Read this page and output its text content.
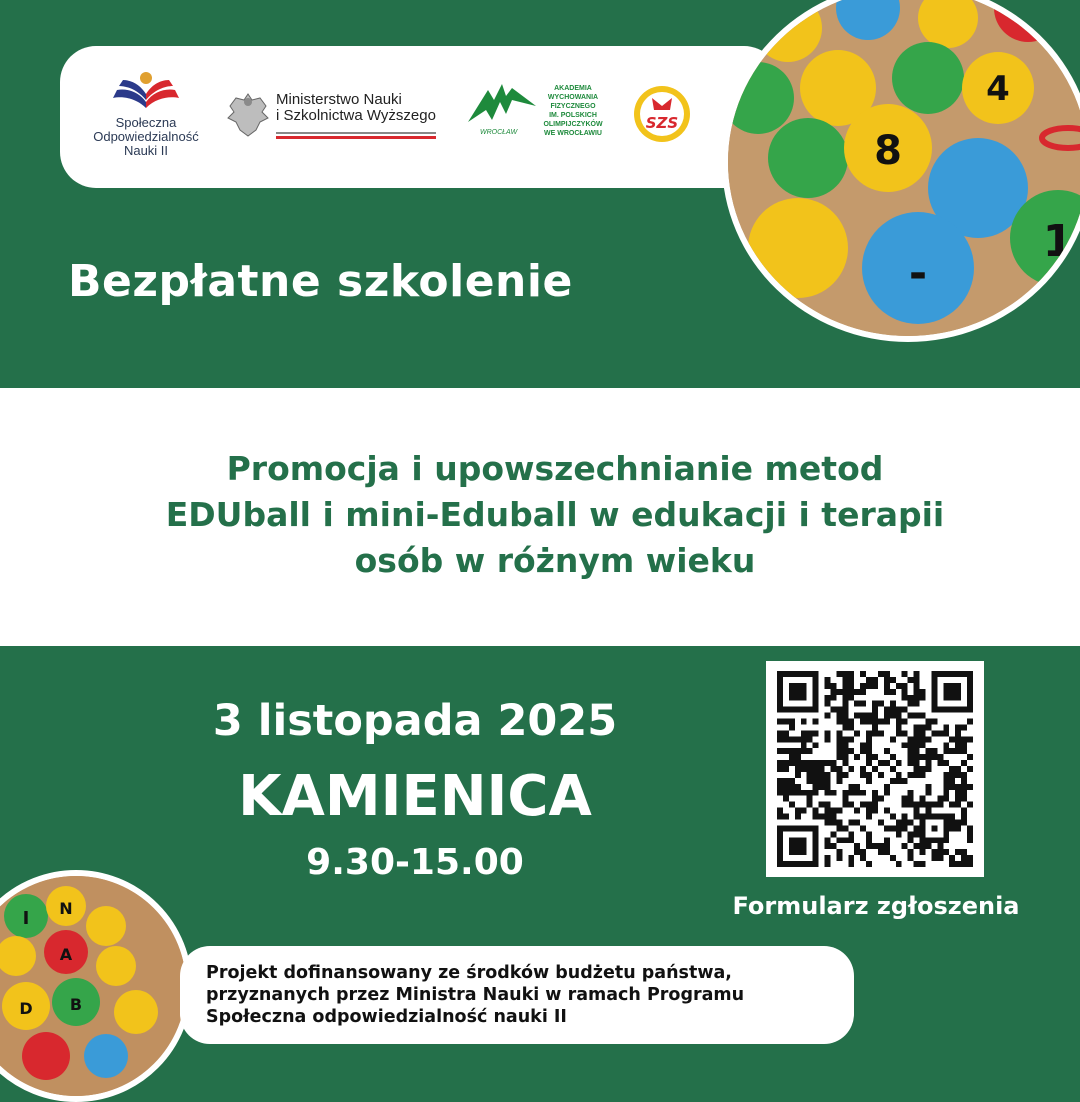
Społeczna
Odpowiedzialność
Nauki II
Ministerstwo Nauki
i Szkolnictwa Wyższego
WROCŁAW
AKADEMIA
WYCHOWANIA
FIZYCZNEGO
IM. POLSKICH
OLIMPIJCZYKÓW
WE WROCŁAWIU
SZS
8
4
1
-
Bezpłatne szkolenie
Promocja i upowszechnianie metod
EDUball i mini-Eduball w edukacji i terapii
osób w różnym wieku
3 listopada 2025
KAMIENICA
9.30-15.00
Formularz zgłoszenia
I N
A
B
D
Projekt dofinansowany ze środków budżetu państwa,
przyznanych przez Ministra Nauki w ramach Programu
Społeczna odpowiedzialność nauki II
